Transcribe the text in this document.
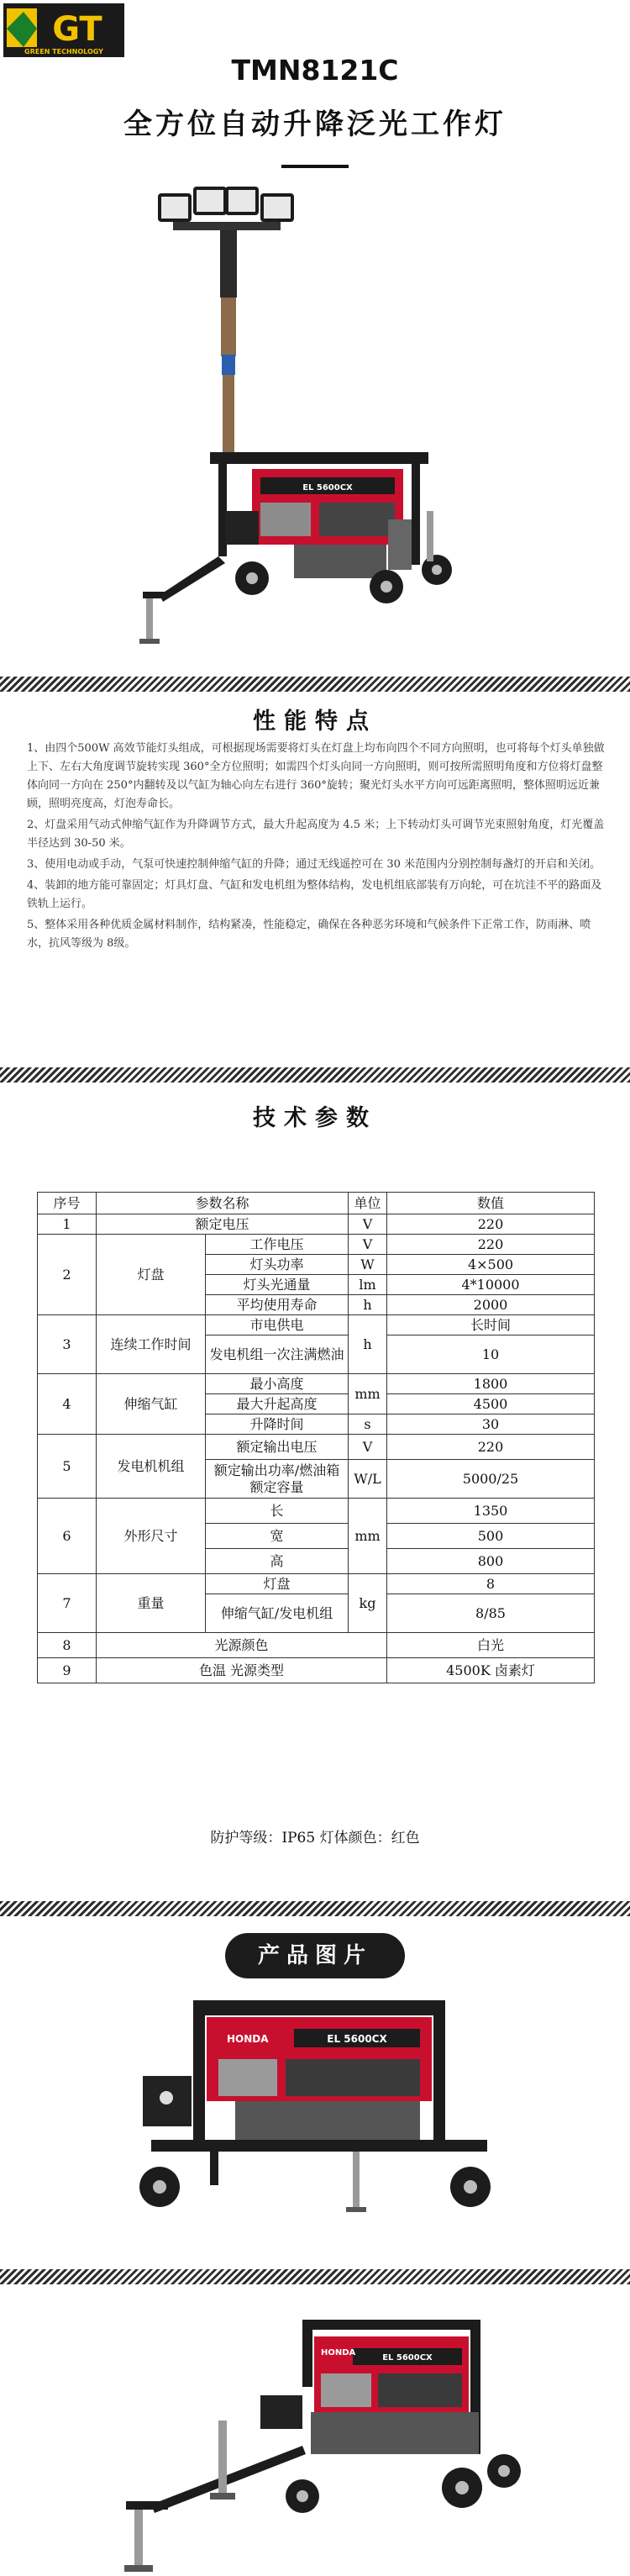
GT
GREEN TECHNOLOGY
TMN8121C
全方位自动升降泛光工作灯
EL 5600CX
性能特点
1、由四个500W 高效节能灯头组成，可根据现场需要将灯头在灯盘上均布向四个不同方向照明，也可将每个灯头单独做上下、左右大角度调节旋转实现 360°全方位照明；如需四个灯头向同一方向照明，则可按所需照明角度和方位将灯盘整体向同一方向在 250°内翻转及以气缸为轴心向左右进行 360°旋转；聚光灯头水平方向可远距离照明，整体照明远近兼顾，照明亮度高，灯泡寿命长。
2、灯盘采用气动式伸缩气缸作为升降调节方式，最大升起高度为 4.5 米；上下转动灯头可调节光束照射角度，灯光覆盖半径达到 30-50 米。
3、使用电动或手动，气泵可快速控制伸缩气缸的升降；通过无线遥控可在 30 米范围内分别控制每盏灯的开启和关闭。
4、装卸的地方能可靠固定；灯具灯盘、气缸和发电机组为整体结构，发电机组底部装有万向轮，可在坑洼不平的路面及铁轨上运行。
5、整体采用各种优质金属材料制作，结构紧凑，性能稳定，确保在各种恶劣环境和气候条件下正常工作，防雨淋、喷水，抗风等级为 8级。
技术参数
序号	参数名称		单位	数值
1	额定电压		V	220
2	灯盘	工作电压	V	220
		灯头功率	W	4×500
		灯头光通量	lm	4*10000
		平均使用寿命	h	2000
3	连续工作时间	市电供电	h	长时间
		发电机组一次注满燃油		10
4	伸缩气缸	最小高度	mm	1800
		最大升起高度		4500
		升降时间	s	30
5	发电机机组	额定输出电压	V	220
		额定输出功率/燃油箱额定容量	W/L	5000/25
6	外形尺寸	长	mm	1350
		宽		500
		高		800
7	重量	灯盘	kg	8
		伸缩气缸/发电机组		8/85
8	光源颜色			白光
9	色温 光源类型			4500K 卤素灯
防护等级：IP65 灯体颜色：红色
产品图片
HONDA	EL 5600CX
EL 5600CX
HONDA
